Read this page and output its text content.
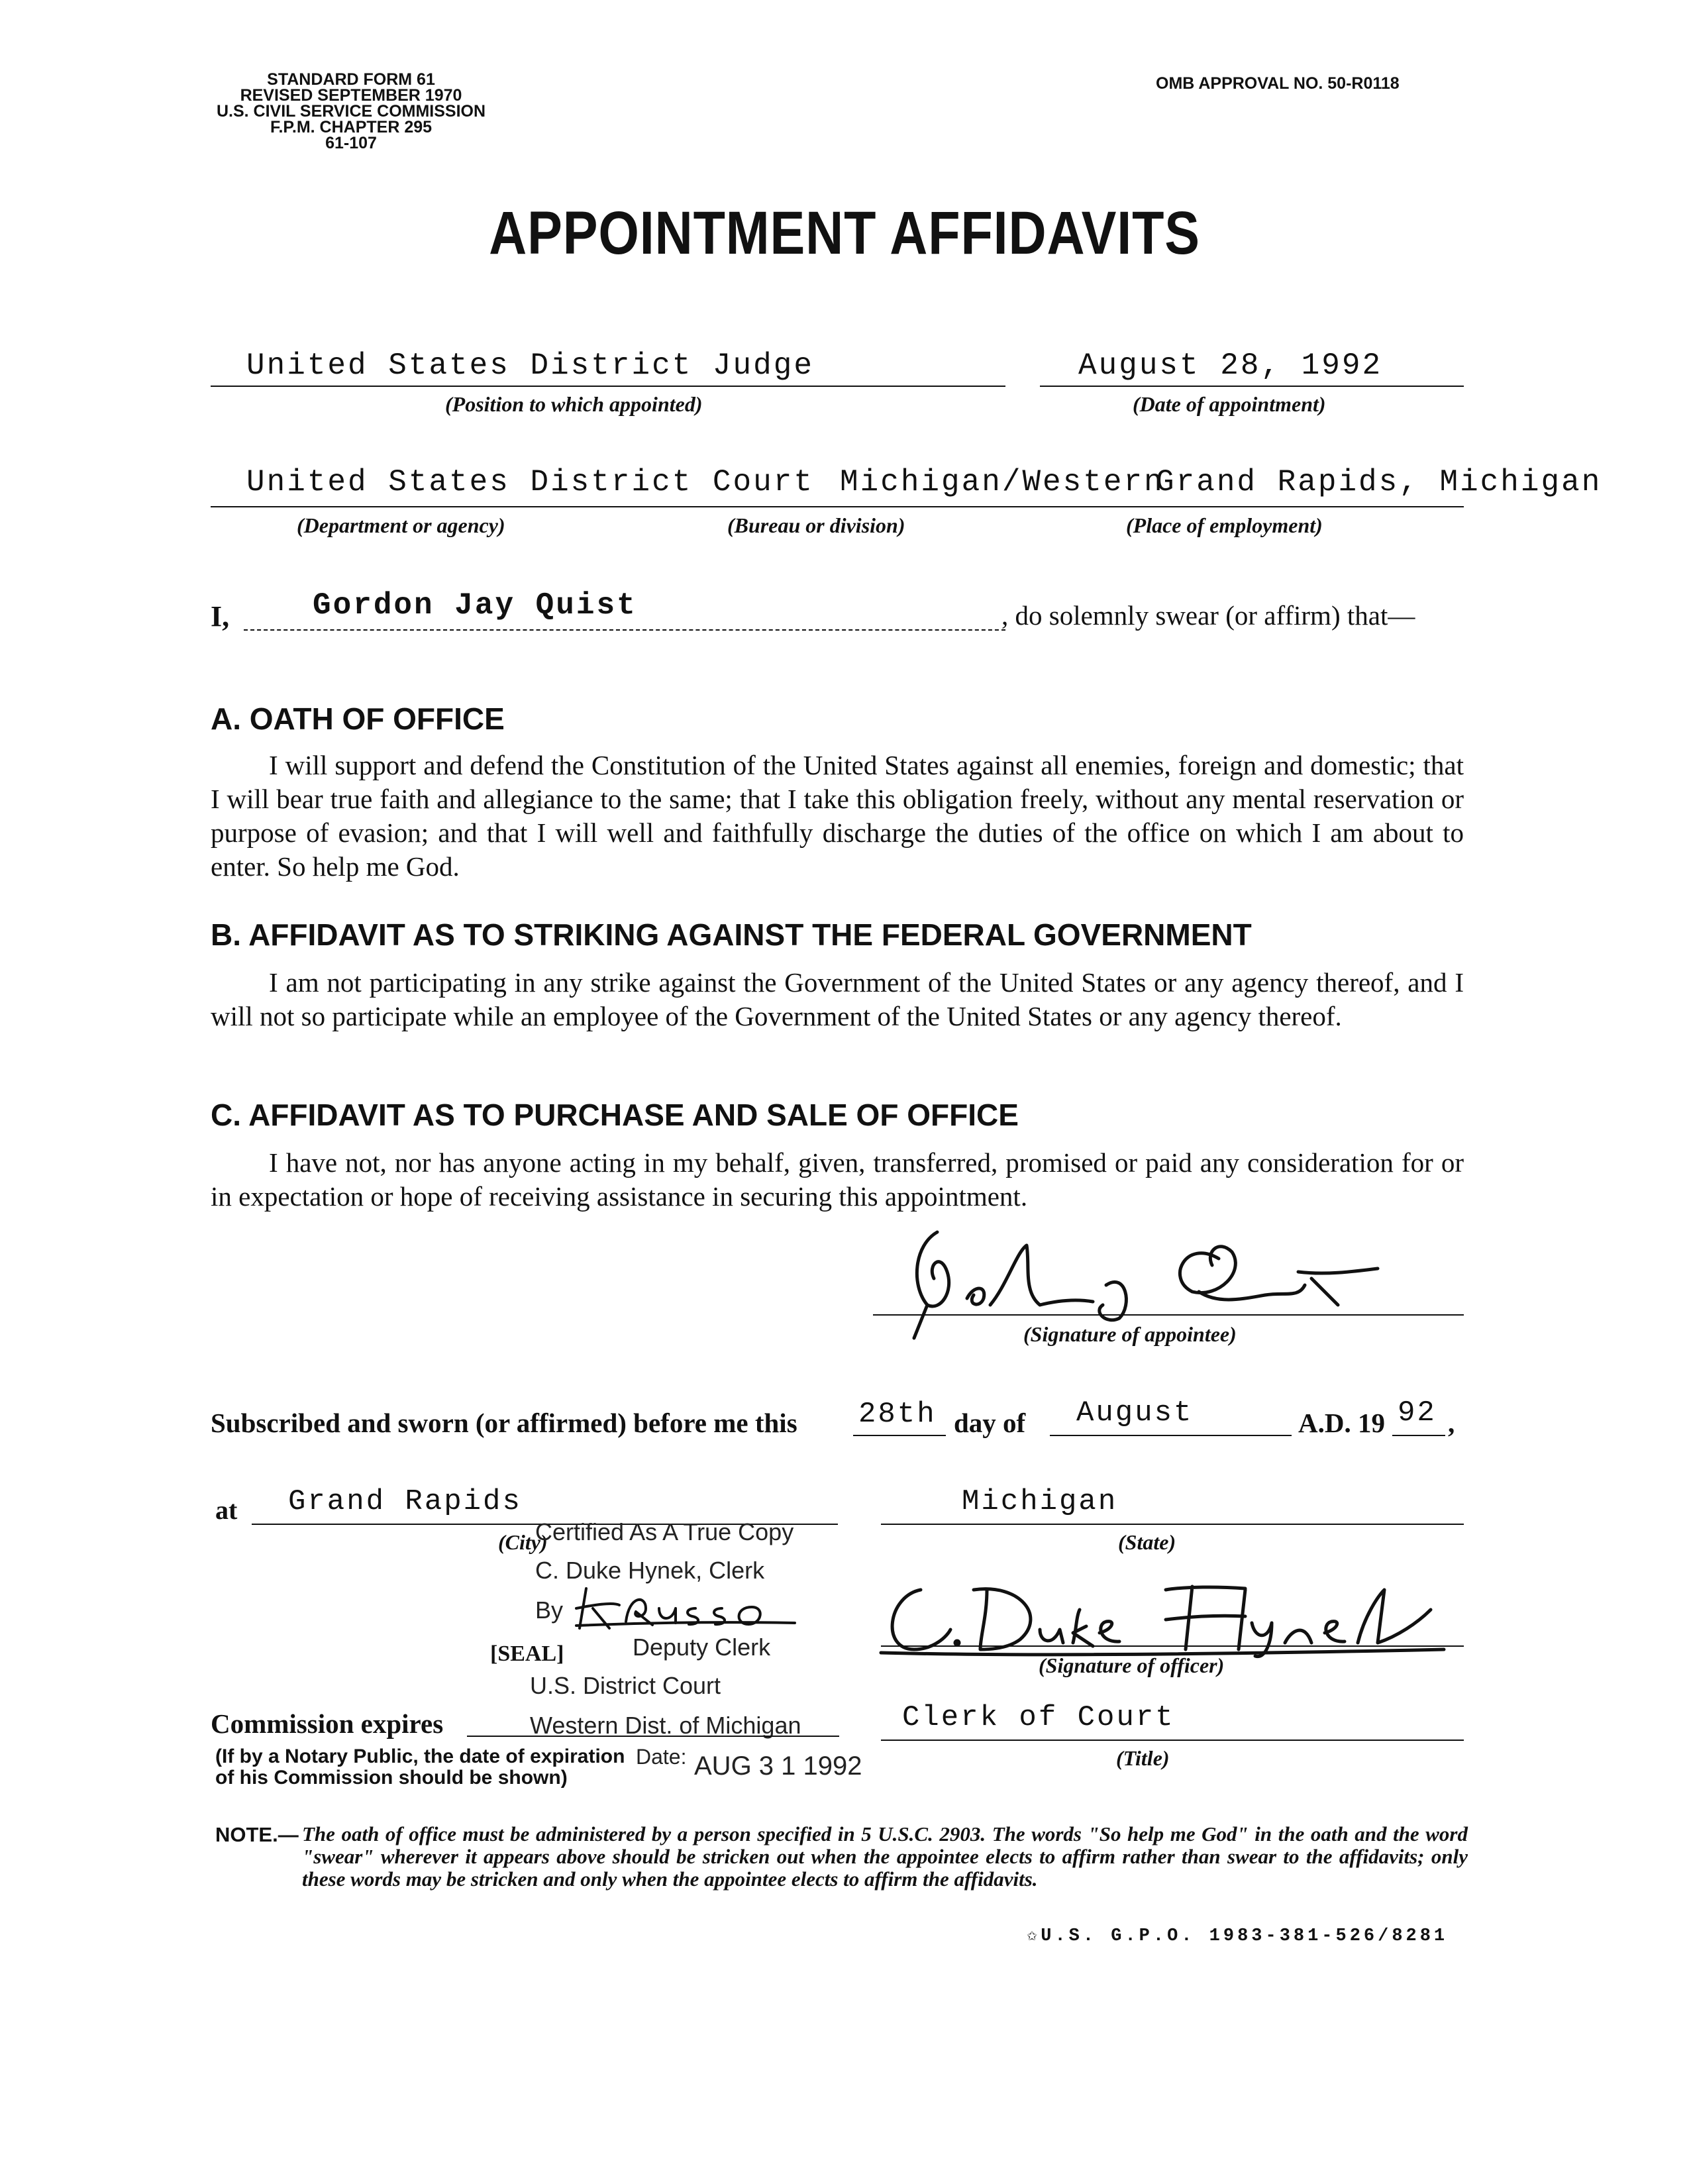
STANDARD FORM 61
REVISED SEPTEMBER 1970
U.S. CIVIL SERVICE COMMISSION
F.P.M. CHAPTER 295
61-107
OMB APPROVAL NO. 50-R0118
APPOINTMENT AFFIDAVITS
United States District Judge
(Position to which appointed)
August 28, 1992
(Date of appointment)
United States District Court Michigan/Western
Grand Rapids, Michigan
(Department or agency)	(Bureau or division)	(Place of employment)
I,	Gordon Jay Quist	, do solemnly swear (or affirm) that—
A. OATH OF OFFICE
I will support and defend the Constitution of the United States against all enemies, foreign and domestic; that I will bear true faith and allegiance to the same; that I take this obligation freely, without any mental reservation or purpose of evasion; and that I will well and faithfully discharge the duties of the office on which I am about to enter. So help me God.
B. AFFIDAVIT AS TO STRIKING AGAINST THE FEDERAL GOVERNMENT
I am not participating in any strike against the Government of the United States or any agency thereof, and I will not so participate while an employee of the Government of the United States or any agency thereof.
C. AFFIDAVIT AS TO PURCHASE AND SALE OF OFFICE
I have not, nor has anyone acting in my behalf, given, transferred, promised or paid any consideration for or in expectation or hope of receiving assistance in securing this appointment.
(Signature of appointee)
Subscribed and sworn (or affirmed) before me this 28th day of August	A.D. 19 92 ,
at Grand Rapids
(City)
Michigan
(State)
Certified As A True Copy
C. Duke Hynek, Clerk
By
Deputy Clerk
U.S. District Court
Western Dist. of Michigan
Date: AUG 3 1 1992
[SEAL]	(Signature of officer)
Commission expires	Clerk of Court
(Title)
(If by a Notary Public, the date of expiration
of his Commission should be shown)
NOTE.— The oath of office must be administered by a person specified in 5 U.S.C. 2903. The words "So help me God" in the oath and the word "swear" wherever it appears above should be stricken out when the appointee elects to affirm rather than swear to the affidavits; only these words may be stricken and only when the appointee elects to affirm the affidavits.
✩U.S. G.P.O. 1983-381-526/8281
